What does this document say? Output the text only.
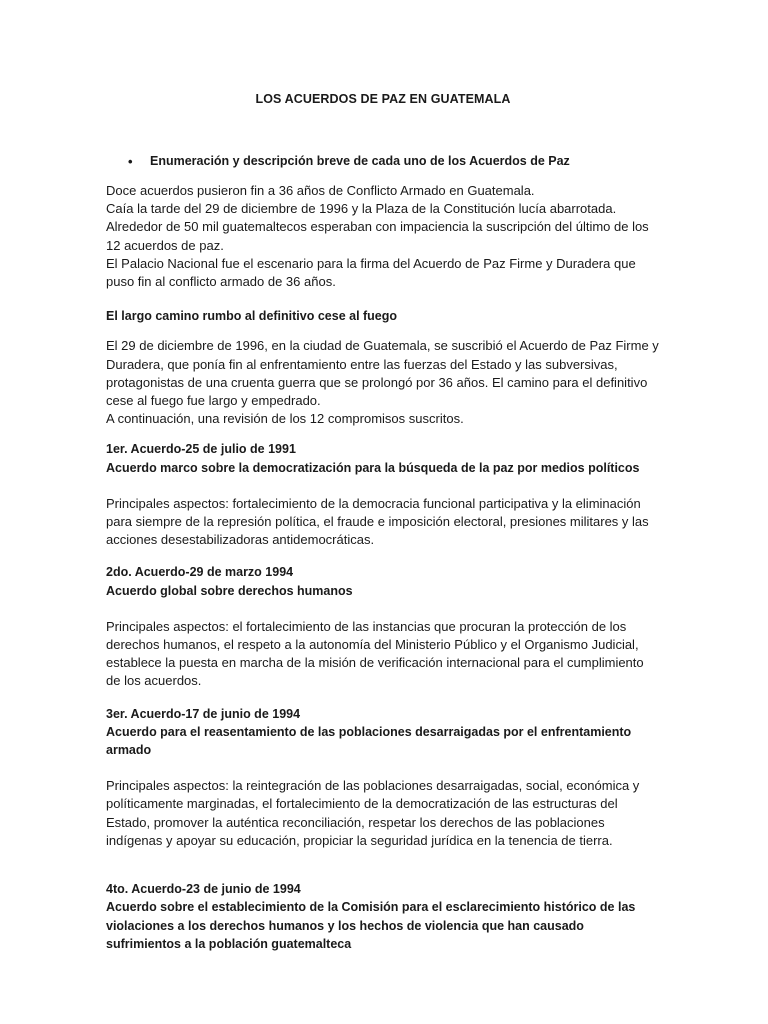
LOS ACUERDOS DE PAZ EN GUATEMALA
•	Enumeración y descripción breve de cada uno de los Acuerdos de Paz

Doce acuerdos pusieron fin a 36 años de Conflicto Armado en Guatemala.

Caía la tarde del 29 de diciembre de 1996 y la Plaza de la Constitución lucía abarrotada. Alrededor de 50 mil guatemaltecos esperaban con impaciencia la suscripción del último de los 12 acuerdos de paz.

El Palacio Nacional fue el escenario para la firma del Acuerdo de Paz Firme y Duradera que puso fin al conflicto armado de 36 años.

El largo camino rumbo al definitivo cese al fuego

El 29 de diciembre de 1996, en la ciudad de Guatemala, se suscribió el Acuerdo de Paz Firme y Duradera, que ponía fin al enfrentamiento entre las fuerzas del Estado y las subversivas, protagonistas de una cruenta guerra que se prolongó por 36 años. El camino para el definitivo cese al fuego fue largo y empedrado.

A continuación, una revisión de los 12 compromisos suscritos.

1er. Acuerdo-25 de julio de 1991

Acuerdo marco sobre la democratización para la búsqueda de la paz por medios políticos

Principales aspectos: fortalecimiento de la democracia funcional participativa y la eliminación para siempre de la represión política, el fraude e imposición electoral, presiones militares y las acciones desestabilizadoras antidemocráticas.

2do. Acuerdo-29 de marzo 1994

Acuerdo global sobre derechos humanos

Principales aspectos: el fortalecimiento de las instancias que procuran la protección de los derechos humanos, el respeto a la autonomía del Ministerio Público y el Organismo Judicial, establece la puesta en marcha de la misión de verificación internacional para el cumplimiento de los acuerdos.

3er. Acuerdo-17 de junio de 1994

Acuerdo para el reasentamiento de las poblaciones desarraigadas por el enfrentamiento armado

Principales aspectos: la reintegración de las poblaciones desarraigadas, social, económica y políticamente marginadas, el fortalecimiento de la democratización de las estructuras del Estado, promover la auténtica reconciliación, respetar los derechos de las poblaciones indígenas y apoyar su educación, propiciar la seguridad jurídica en la tenencia de tierra.

4to. Acuerdo-23 de junio de 1994

Acuerdo sobre el establecimiento de la Comisión para el esclarecimiento histórico de las violaciones a los derechos humanos y los hechos de violencia que han causado sufrimientos a la población guatemalteca
